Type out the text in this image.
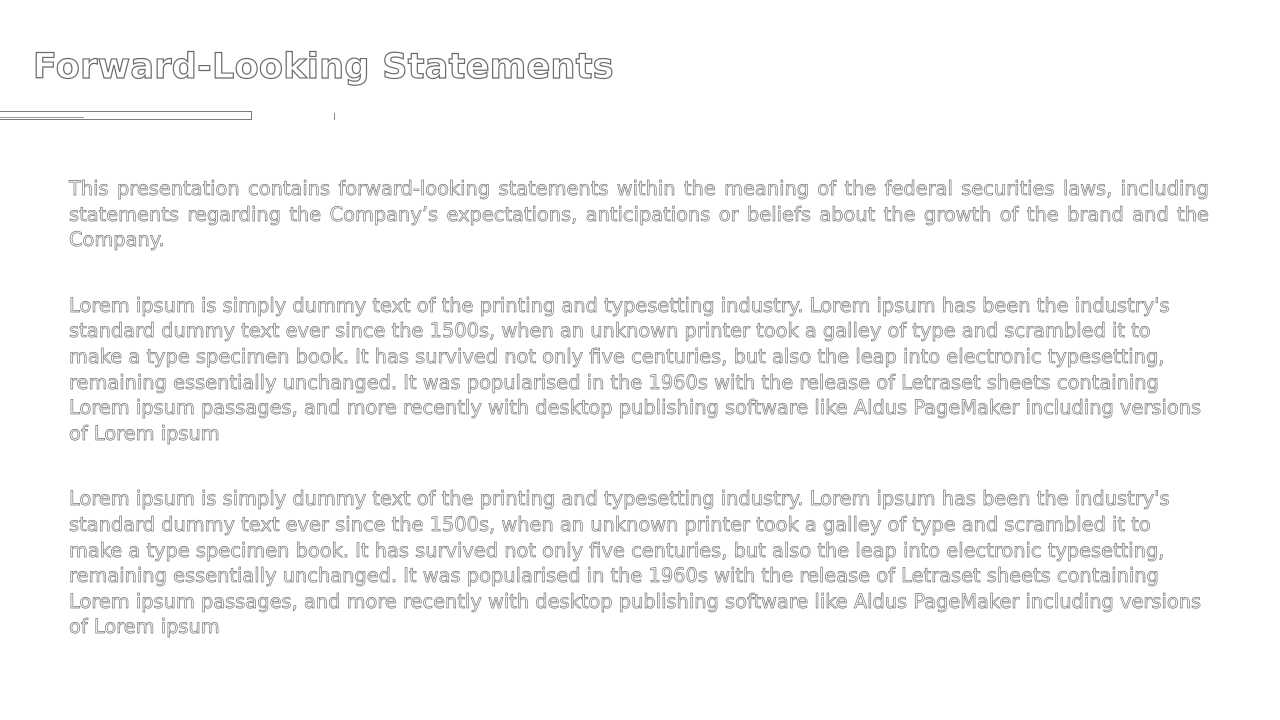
Forward-Looking Statements

This presentation contains forward-looking statements within the meaning of the federal securities laws, including statements regarding the Company’s expectations, anticipations or beliefs about the growth of the brand and the Company.

Lorem ipsum is simply dummy text of the printing and typesetting industry. Lorem ipsum has been the industry's standard dummy text ever since the 1500s, when an unknown printer took a galley of type and scrambled it to make a type specimen book. It has survived not only five centuries, but also the leap into electronic typesetting, remaining essentially unchanged. It was popularised in the 1960s with the release of Letraset sheets containing Lorem ipsum passages, and more recently with desktop publishing software like Aldus PageMaker including versions of Lorem ipsum

Lorem ipsum is simply dummy text of the printing and typesetting industry. Lorem ipsum has been the industry's standard dummy text ever since the 1500s, when an unknown printer took a galley of type and scrambled it to make a type specimen book. It has survived not only five centuries, but also the leap into electronic typesetting, remaining essentially unchanged. It was popularised in the 1960s with the release of Letraset sheets containing Lorem ipsum passages, and more recently with desktop publishing software like Aldus PageMaker including versions of Lorem ipsum
